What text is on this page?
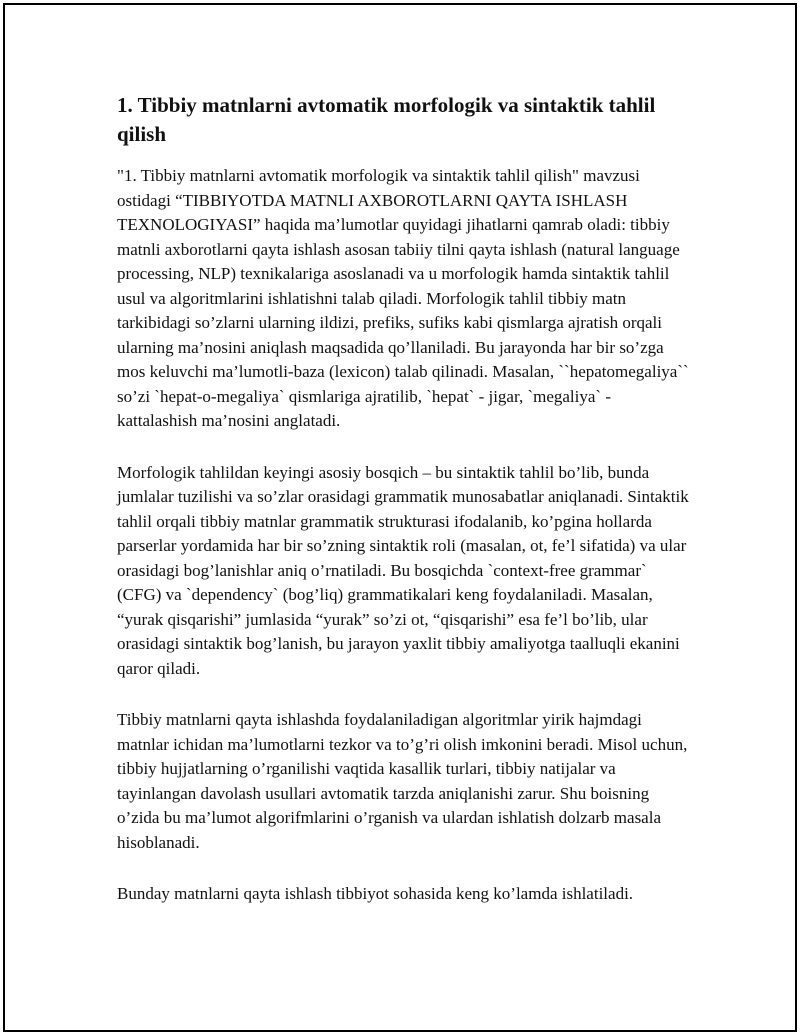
1. Tibbiy matnlarni avtomatik morfologik va sintaktik tahlil qilish

"1. Tibbiy matnlarni avtomatik morfologik va sintaktik tahlil qilish" mavzusi ostidagi “TIBBIYOTDA MATNLI AXBOROTLARNI QAYTA ISHLASH TEXNOLOGIYASI” haqida ma’lumotlar quyidagi jihatlarni qamrab oladi: tibbiy matnli axborotlarni qayta ishlash asosan tabiiy tilni qayta ishlash (natural language processing, NLP) texnikalariga asoslanadi va u morfologik hamda sintaktik tahlil usul va algoritmlarini ishlatishni talab qiladi. Morfologik tahlil tibbiy matn tarkibidagi so’zlarni ularning ildizi, prefiks, sufiks kabi qismlarga ajratish orqali ularning ma’nosini aniqlash maqsadida qo’llaniladi. Bu jarayonda har bir so’zga mos keluvchi ma’lumotli-baza (lexicon) talab qilinadi. Masalan, ``hepatomegaliya`` so’zi `hepat-o-megaliya` qismlariga ajratilib, `hepat` - jigar, `megaliya` - kattalashish ma’nosini anglatadi.

Morfologik tahlildan keyingi asosiy bosqich – bu sintaktik tahlil bo’lib, bunda jumlalar tuzilishi va so’zlar orasidagi grammatik munosabatlar aniqlanadi. Sintaktik tahlil orqali tibbiy matnlar grammatik strukturasi ifodalanib, ko’pgina hollarda parserlar yordamida har bir so’zning sintaktik roli (masalan, ot, fe’l sifatida) va ular orasidagi bog’lanishlar aniq o’rnatiladi. Bu bosqichda `context-free grammar` (CFG) va `dependency` (bog’liq) grammatikalari keng foydalaniladi. Masalan, “yurak qisqarishi” jumlasida “yurak” so’zi ot, “qisqarishi” esa fe’l bo’lib, ular orasidagi sintaktik bog’lanish, bu jarayon yaxlit tibbiy amaliyotga taalluqli ekanini qaror qiladi.

Tibbiy matnlarni qayta ishlashda foydalaniladigan algoritmlar yirik hajmdagi matnlar ichidan ma’lumotlarni tezkor va to’g’ri olish imkonini beradi. Misol uchun, tibbiy hujjatlarning o’rganilishi vaqtida kasallik turlari, tibbiy natijalar va tayinlangan davolash usullari avtomatik tarzda aniqlanishi zarur. Shu boisning o’zida bu ma’lumot algorifmlarini o’rganish va ulardan ishlatish dolzarb masala hisoblanadi.

Bunday matnlarni qayta ishlash tibbiyot sohasida keng ko’lamda ishlatiladi.
